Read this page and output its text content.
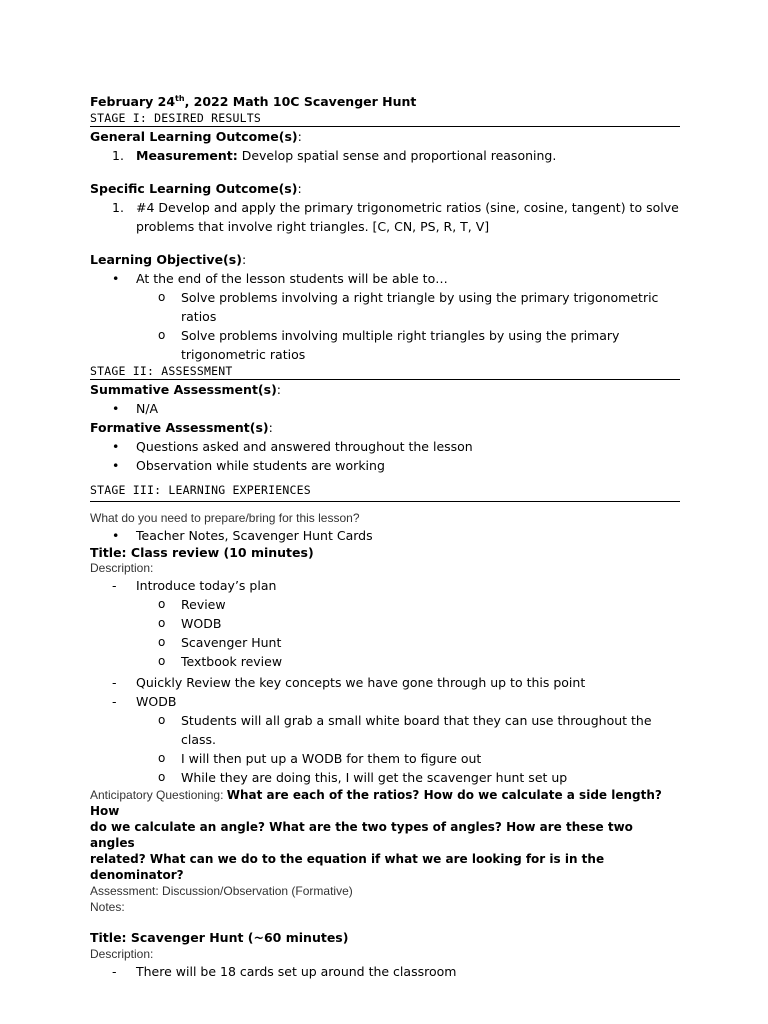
February 24th, 2022 Math 10C Scavenger Hunt
STAGE I: DESIRED RESULTS
General Learning Outcome(s):
1. Measurement: Develop spatial sense and proportional reasoning.
Specific Learning Outcome(s):
1. #4 Develop and apply the primary trigonometric ratios (sine, cosine, tangent) to solve
problems that involve right triangles. [C, CN, PS, R, T, V]
Learning Objective(s):
• At the end of the lesson students will be able to…
o Solve problems involving a right triangle by using the primary trigonometric ratios
o Solve problems involving multiple right triangles by using the primary trigonometric ratios
STAGE II: ASSESSMENT
Summative Assessment(s):
• N/A
Formative Assessment(s):
• Questions asked and answered throughout the lesson
• Observation while students are working
STAGE III: LEARNING EXPERIENCES
What do you need to prepare/bring for this lesson?
• Teacher Notes, Scavenger Hunt Cards
Title: Class review (10 minutes)
Description:
- Introduce today’s plan
o Review
o WODB
o Scavenger Hunt
o Textbook review
- Quickly Review the key concepts we have gone through up to this point
- WODB
o Students will all grab a small white board that they can use throughout the class.
o I will then put up a WODB for them to figure out
o While they are doing this, I will get the scavenger hunt set up
Anticipatory Questioning: What are each of the ratios? How do we calculate a side length? How
do we calculate an angle? What are the two types of angles? How are these two angles
related? What can we do to the equation if what we are looking for is in the denominator?
Assessment: Discussion/Observation (Formative)
Notes:
Title: Scavenger Hunt (~60 minutes)
Description:
- There will be 18 cards set up around the classroom
